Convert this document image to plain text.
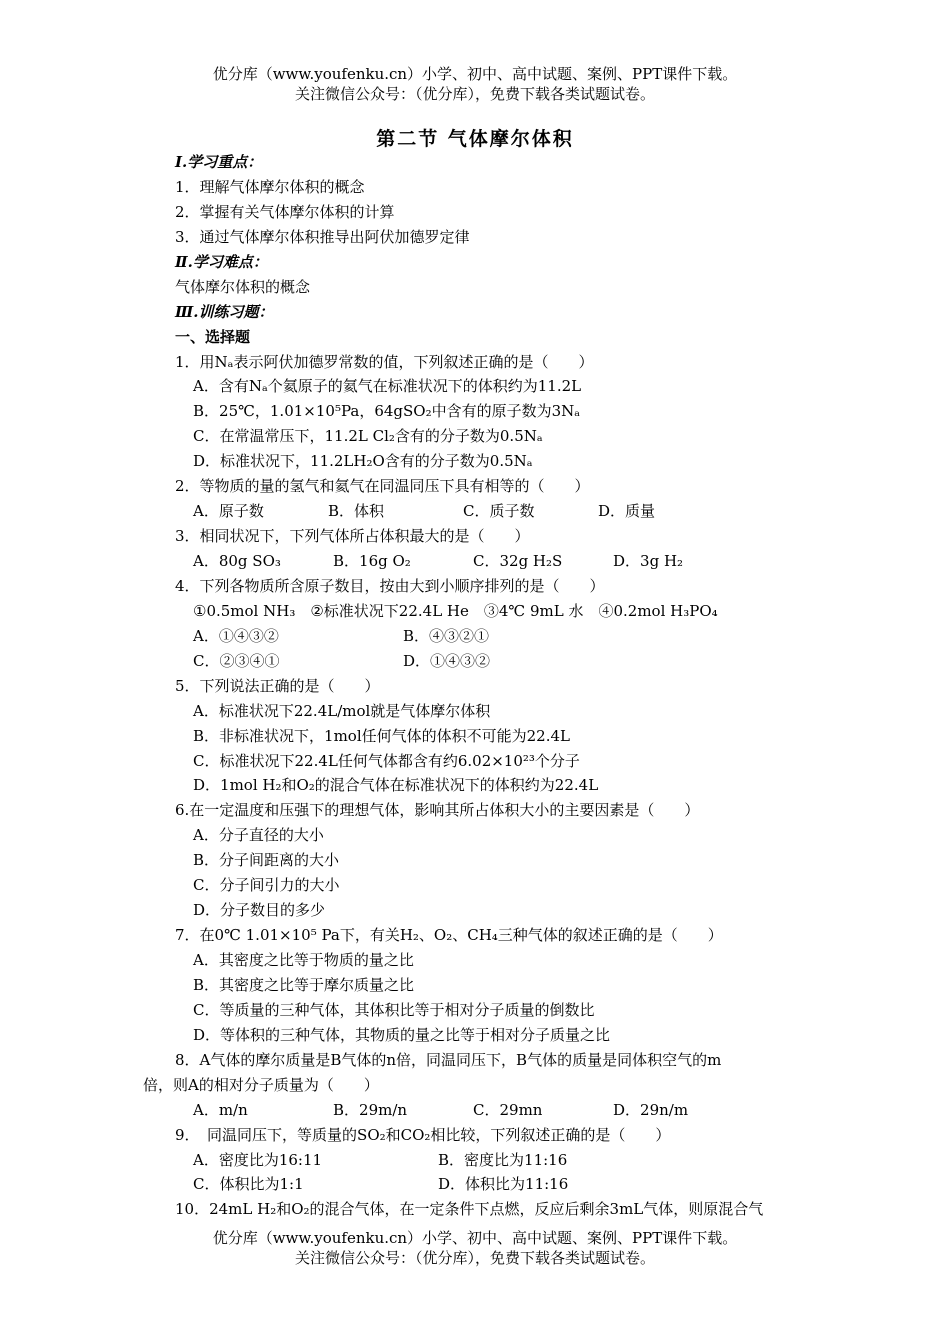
优分库（www.youfenku.cn）小学、初中、高中试题、案例、PPT课件下载。
关注微信公众号：（优分库），免费下载各类试题试卷。
第二节 气体摩尔体积
Ⅰ.学习重点：
1．理解气体摩尔体积的概念
2．掌握有关气体摩尔体积的计算
3．通过气体摩尔体积推导出阿伏加德罗定律
Ⅱ.学习难点：
气体摩尔体积的概念
Ⅲ.训练习题：
一、选择题
1．用Nₐ表示阿伏加德罗常数的值，下列叙述正确的是（　　）
A．含有Nₐ个氦原子的氦气在标准状况下的体积约为11.2L
B．25℃，1.01×10⁵Pa，64gSO₂中含有的原子数为3Nₐ
C．在常温常压下，11.2L Cl₂含有的分子数为0.5Nₐ
D．标准状况下，11.2LH₂O含有的分子数为0.5Nₐ
2．等物质的量的氢气和氦气在同温同压下具有相等的（　　）
A．原子数	B．体积	C．质子数	D．质量
3．相同状况下，下列气体所占体积最大的是（　　）
A．80g SO₃	B．16g O₂	C．32g H₂S	D．3g H₂
4．下列各物质所含原子数目，按由大到小顺序排列的是（　　）
①0.5mol NH₃　②标准状况下22.4L He　③4℃ 9mL 水　④0.2mol H₃PO₄
A．①④③②	B．④③②①
C．②③④①	D．①④③②
5．下列说法正确的是（　　）
A．标准状况下22.4L/mol就是气体摩尔体积
B．非标准状况下，1mol任何气体的体积不可能为22.4L
C．标准状况下22.4L任何气体都含有约6.02×10²³个分子
D．1mol H₂和O₂的混合气体在标准状况下的体积约为22.4L
6.在一定温度和压强下的理想气体，影响其所占体积大小的主要因素是（　　）
A．分子直径的大小
B．分子间距离的大小
C．分子间引力的大小
D．分子数目的多少
7．在0℃ 1.01×10⁵ Pa下，有关H₂、O₂、CH₄三种气体的叙述正确的是（　　）
A．其密度之比等于物质的量之比
B．其密度之比等于摩尔质量之比
C．等质量的三种气体，其体积比等于相对分子质量的倒数比
D．等体积的三种气体，其物质的量之比等于相对分子质量之比
8．A气体的摩尔质量是B气体的n倍，同温同压下，B气体的质量是同体积空气的m
倍，则A的相对分子质量为（　　）
A．m/n	B．29m/n	C．29mn	D．29n/m
9．　同温同压下，等质量的SO₂和CO₂相比较，下列叙述正确的是（　　）
A．密度比为16:11	B．密度比为11:16
C．体积比为1:1	D．体积比为11:16
10．24mL H₂和O₂的混合气体，在一定条件下点燃，反应后剩余3mL气体，则原混合气
优分库（www.youfenku.cn）小学、初中、高中试题、案例、PPT课件下载。
关注微信公众号：（优分库），免费下载各类试题试卷。
